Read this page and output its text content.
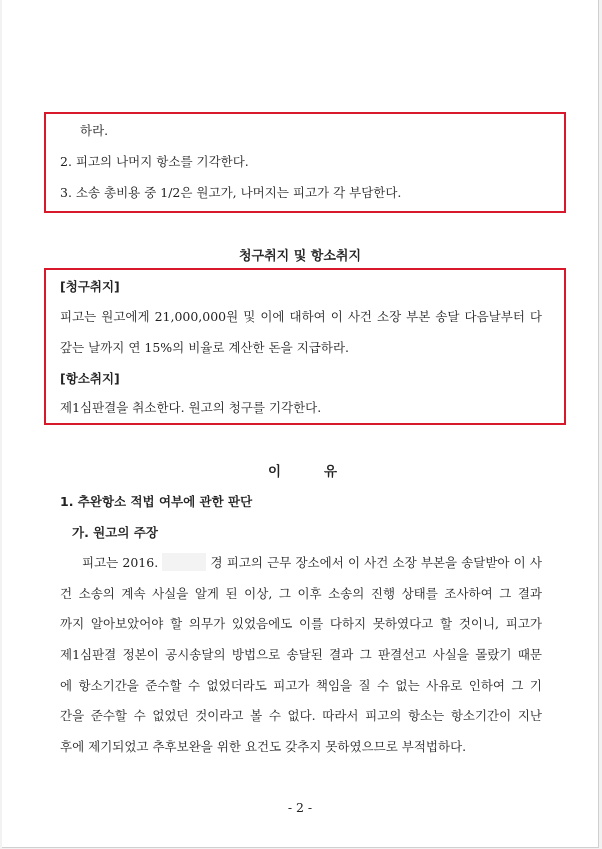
하라.
2. 피고의 나머지 항소를 기각한다.
3. 소송 총비용 중 1/2은 원고가, 나머지는 피고가 각 부담한다.
청구취지 및 항소취지
[청구취지]
피고는 원고에게 21,000,000원 및 이에 대하여 이 사건 소장 부본 송달 다음날부터 다
갚는 날까지 연 15%의 비율로 계산한 돈을 지급하라.
[항소취지]
제1심판결을 취소한다. 원고의 청구를 기각한다.
이	유
1. 추완항소 적법 여부에 관한 판단
가. 원고의 주장
피고는 2016.	경 피고의 근무 장소에서 이 사건 소장 부본을 송달받아 이 사
건 소송의 계속 사실을 알게 된 이상, 그 이후 소송의 진행 상태를 조사하여 그 결과
까지 알아보았어야 할 의무가 있었음에도 이를 다하지 못하였다고 할 것이니, 피고가
제1심판결 정본이 공시송달의 방법으로 송달된 결과 그 판결선고 사실을 몰랐기 때문
에 항소기간을 준수할 수 없었더라도 피고가 책임을 질 수 없는 사유로 인하여 그 기
간을 준수할 수 없었던 것이라고 볼 수 없다. 따라서 피고의 항소는 항소기간이 지난
후에 제기되었고 추후보완을 위한 요건도 갖추지 못하였으므로 부적법하다.
- 2 -
